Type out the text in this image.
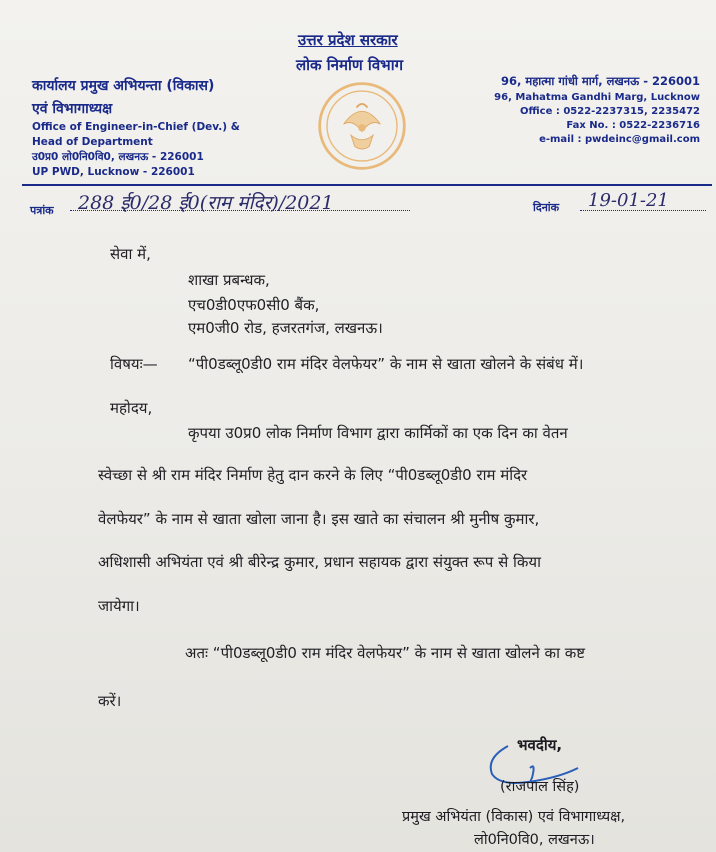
उत्तर प्रदेश सरकार
लोक निर्माण विभाग
कार्यालय प्रमुख अभियन्ता (विकास)
एवं विभागाध्यक्ष
Office of Engineer-in-Chief (Dev.) &
Head of Department
उ0प्र0 लो0नि0वि0, लखनऊ - 226001
UP PWD, Lucknow - 226001
96, महात्मा गांधी मार्ग, लखनऊ - 226001
96, Mahatma Gandhi Marg, Lucknow
Office : 0522-2237315, 2235472
Fax No. : 0522-2236716
e-mail : pwdeinc@gmail.com
पत्रांक 288 ई0/28 ई0(राम मंदिर)/2021	दिनांक 19-01-21
सेवा में,
शाखा प्रबन्धक,
एच0डी0एफ0सी0 बैंक,
एम0जी0 रोड, हजरतगंज, लखनऊ।
विषयः— “पी0डब्लू0डी0 राम मंदिर वेलफेयर” के नाम से खाता खोलने के संबंध में।
महोदय,
कृपया उ0प्र0 लोक निर्माण विभाग द्वारा कार्मिकों का एक दिन का वेतन
स्वेच्छा से श्री राम मंदिर निर्माण हेतु दान करने के लिए “पी0डब्लू0डी0 राम मंदिर
वेलफेयर” के नाम से खाता खोला जाना है। इस खाते का संचालन श्री मुनीष कुमार,
अधिशासी अभियंता एवं श्री बीरेन्द्र कुमार, प्रधान सहायक द्वारा संयुक्त रूप से किया
जायेगा।
अतः “पी0डब्लू0डी0 राम मंदिर वेलफेयर” के नाम से खाता खोलने का कष्ट
करें।
भवदीय,
(राजपाल सिंह)
प्रमुख अभियंता (विकास) एवं विभागाध्यक्ष,
लो0नि0वि0, लखनऊ।
